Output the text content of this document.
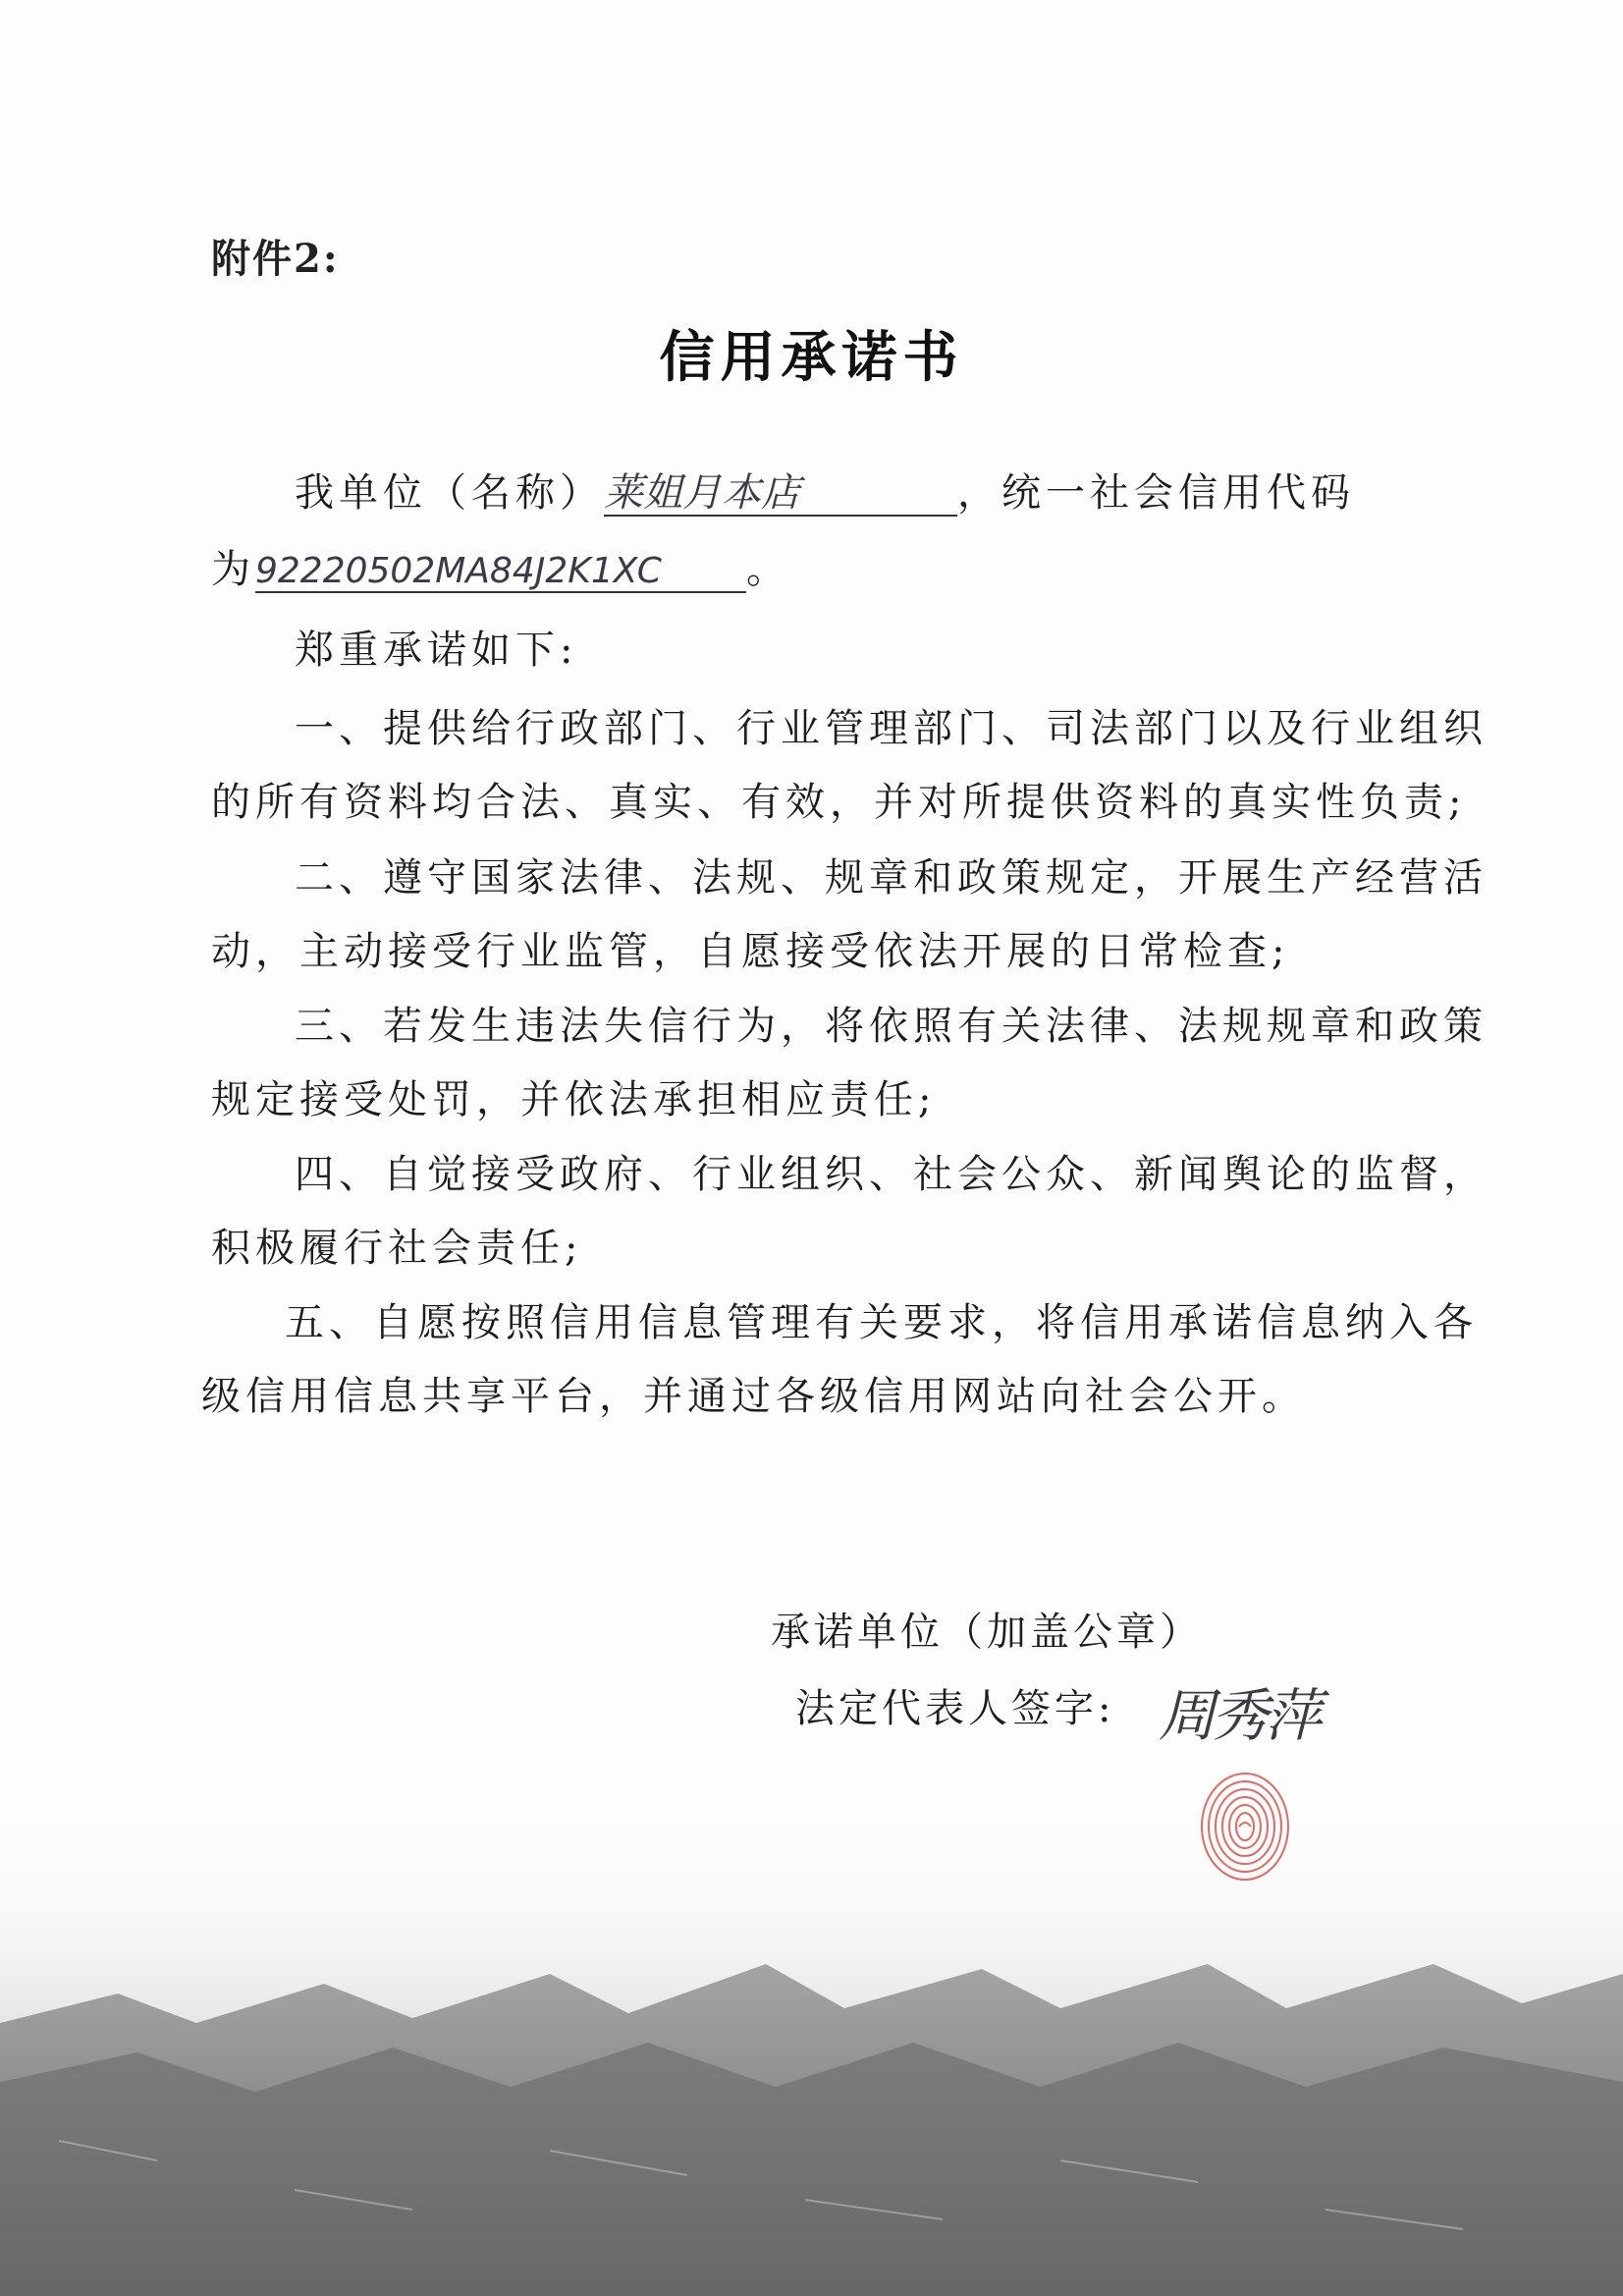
附件2:
信用承诺书
我单位（名称）莱姐月本店	，统一社会信用代码
为92220502MA84J2K1XC 。
郑重承诺如下:
一、提供给行政部门、行业管理部门、司法部门以及行业组织
的所有资料均合法、真实、有效，并对所提供资料的真实性负责;
二、遵守国家法律、法规、规章和政策规定，开展生产经营活
动，主动接受行业监管，自愿接受依法开展的日常检查;
三、若发生违法失信行为，将依照有关法律、法规规章和政策
规定接受处罚，并依法承担相应责任;
四、自觉接受政府、行业组织、社会公众、新闻舆论的监督，
积极履行社会责任;
五、自愿按照信用信息管理有关要求，将信用承诺信息纳入各
级信用信息共享平台，并通过各级信用网站向社会公开。
承诺单位（加盖公章）
法定代表人签字: 周秀萍
